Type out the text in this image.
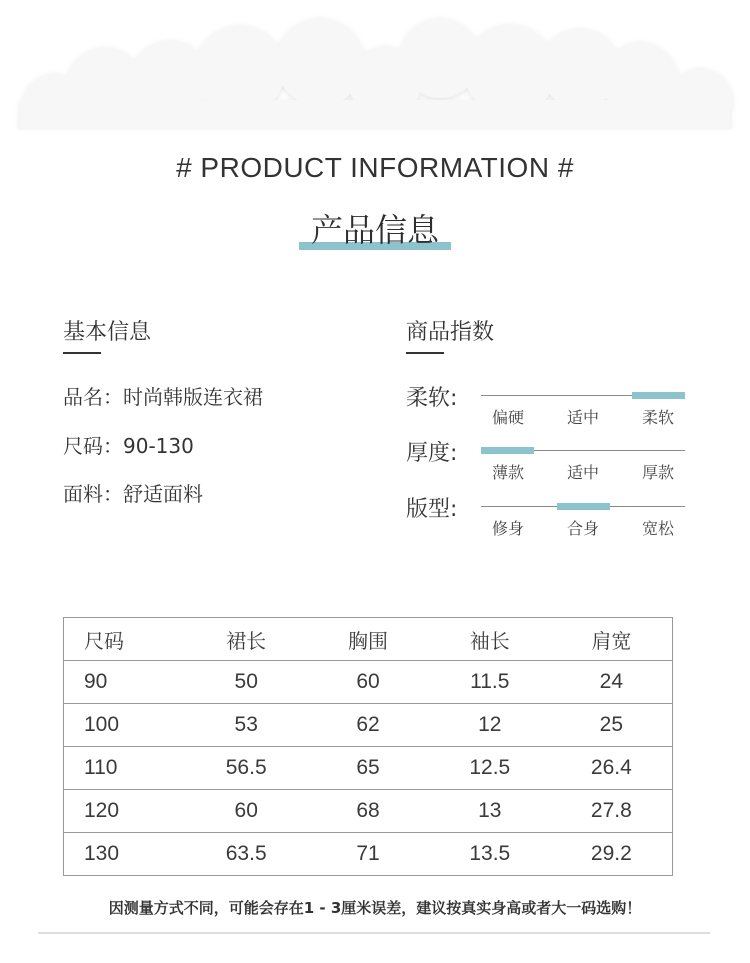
# PRODUCT INFORMATION #
产品信息
基本信息
品名：时尚韩版连衣裙
尺码：90-130
面料：舒适面料
商品指数
柔软:
偏硬	适中	柔软
厚度:
薄款	适中	厚款
版型:
修身	合身	宽松
尺码	裙长	胸围	袖长	肩宽
90	50	60	11.5	24
100	53	62	12	25
110	56.5	65	12.5	26.4
120	60	68	13	27.8
130	63.5	71	13.5	29.2
因测量方式不同，可能会存在1 - 3厘米误差，建议按真实身高或者大一码选购！
